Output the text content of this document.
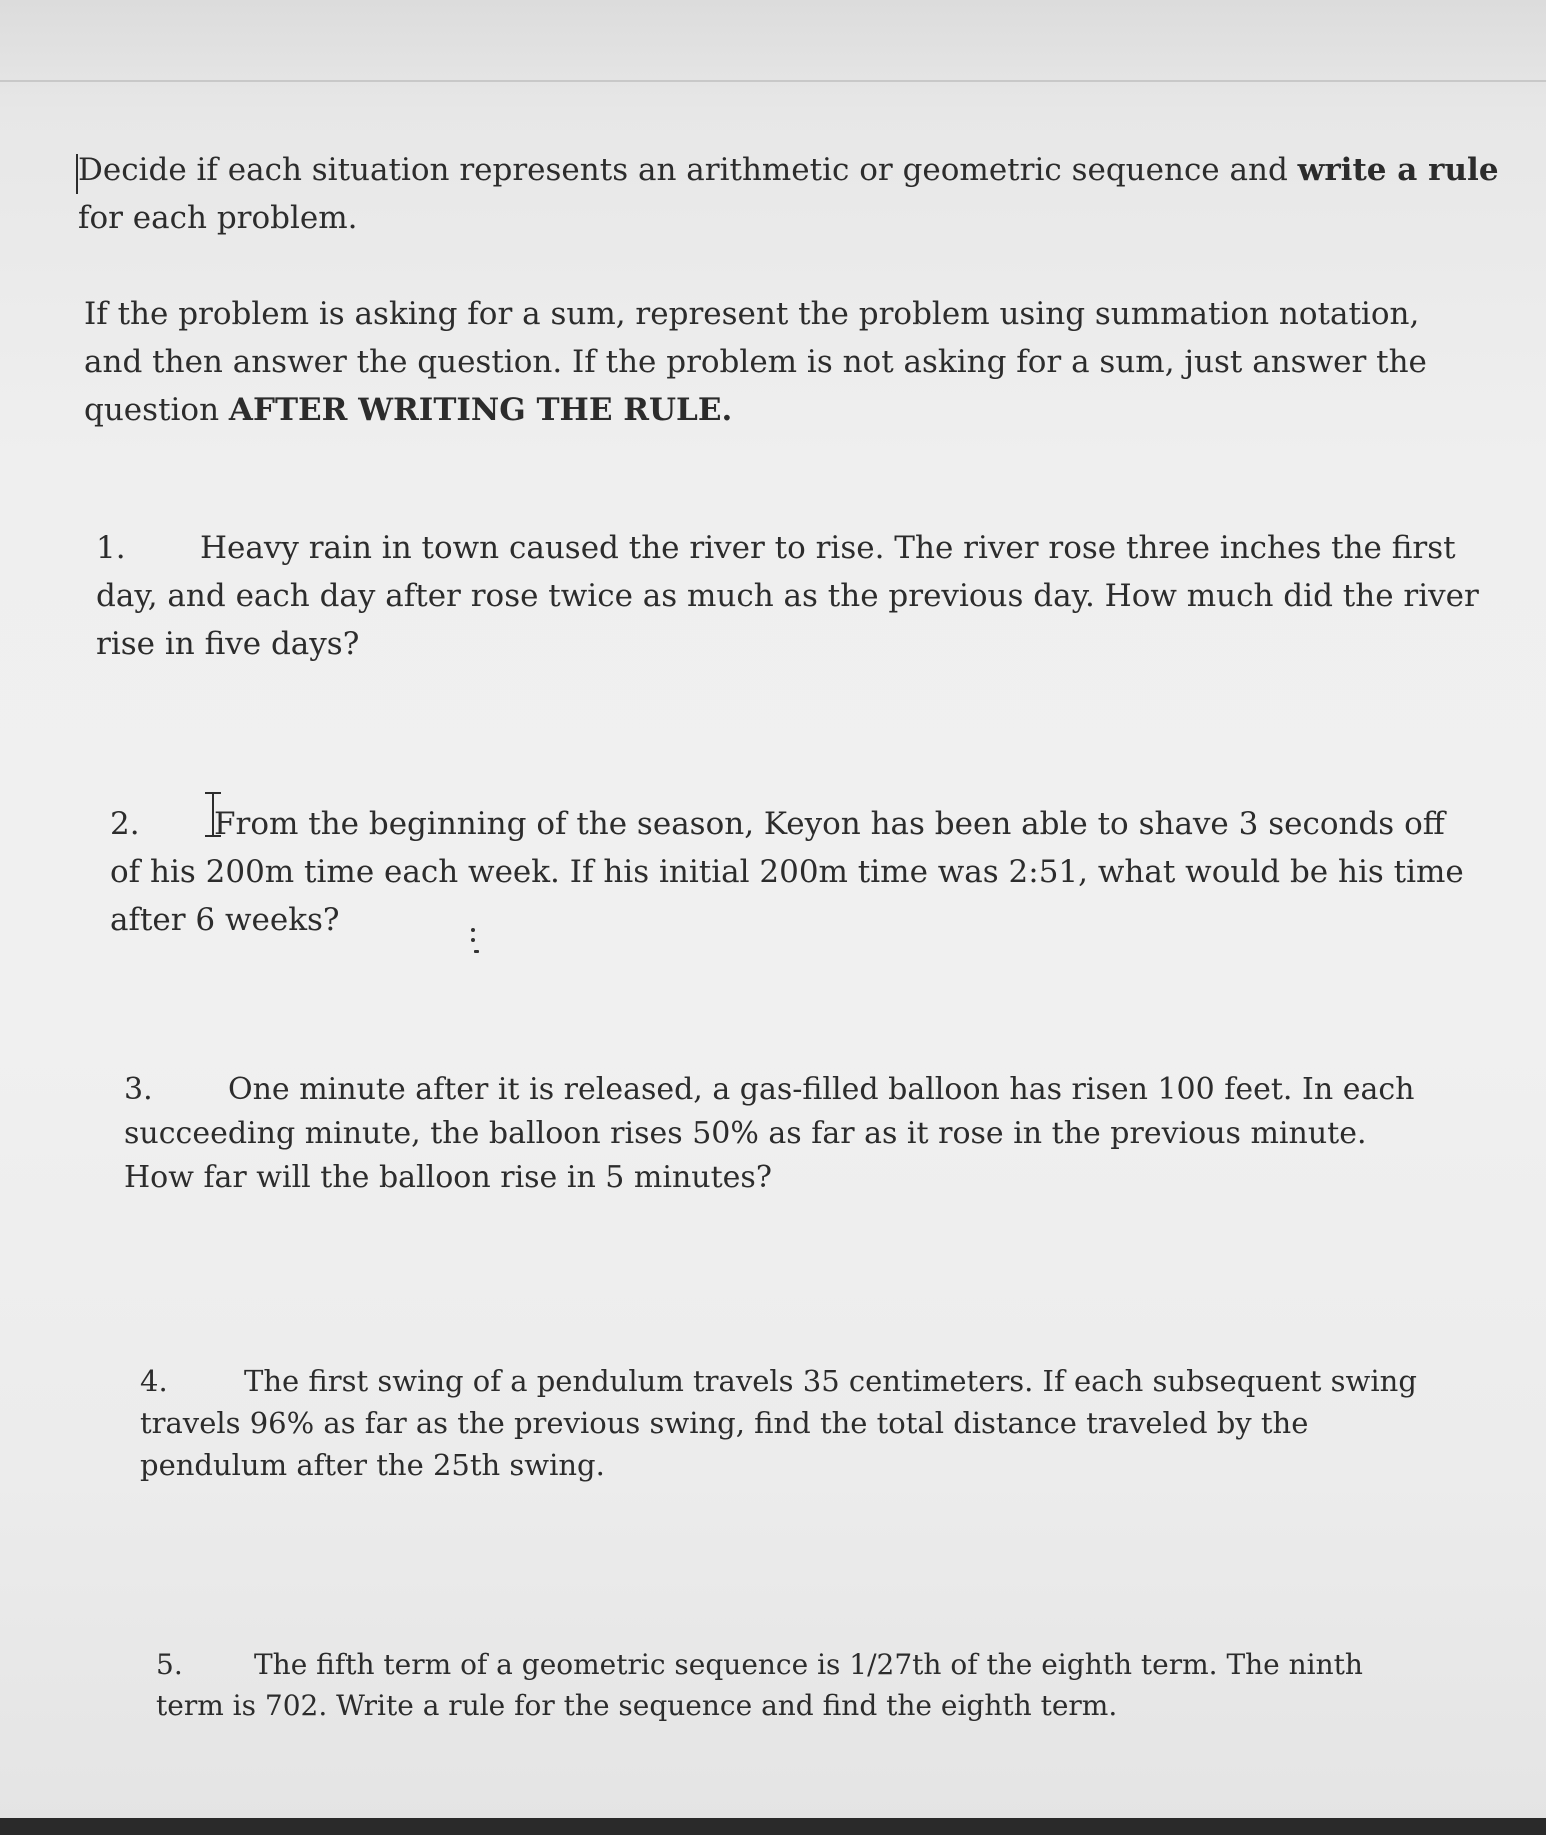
Decide if each situation represents an arithmetic or geometric sequence and write a rule for each problem.

If the problem is asking for a sum, represent the problem using summation notation, and then answer the question. If the problem is not asking for a sum, just answer the question AFTER WRITING THE RULE.

1. Heavy rain in town caused the river to rise. The river rose three inches the first day, and each day after rose twice as much as the previous day. How much did the river rise in five days?

2. From the beginning of the season, Keyon has been able to shave 3 seconds off of his 200m time each week. If his initial 200m time was 2:51, what would be his time after 6 weeks?

3.	One minute after it is released, a gas-filled balloon has risen 100 feet. In each succeeding minute, the balloon rises 50% as far as it rose in the previous minute. How far will the balloon rise in 5 minutes?

4.	The first swing of a pendulum travels 35 centimeters. If each subsequent swing travels 96% as far as the previous swing, find the total distance traveled by the pendulum after the 25th swing.

5.	The fifth term of a geometric sequence is 1/27th of the eighth term. The ninth term is 702. Write a rule for the sequence and find the eighth term.
